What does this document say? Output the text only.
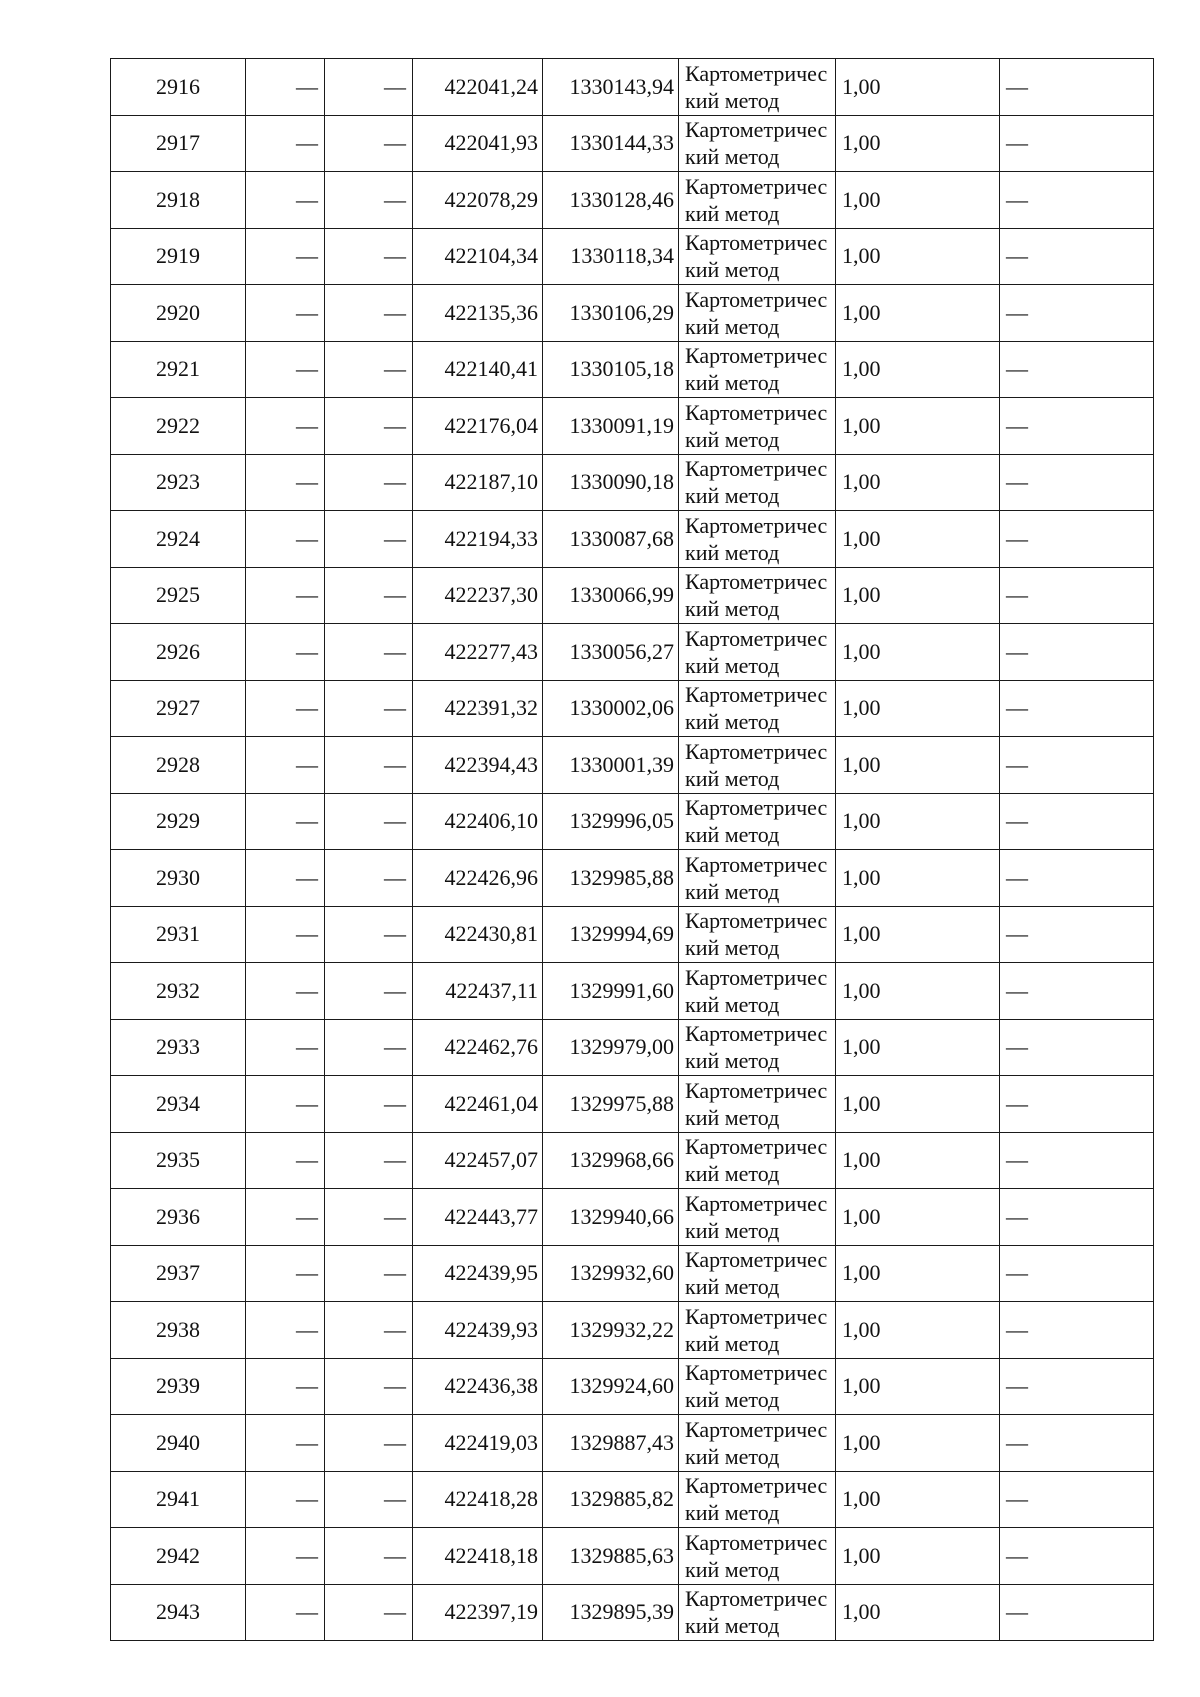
2916	—	—	422041,24	1330143,94	Картометрический метод	1,00	—
2917	—	—	422041,93	1330144,33	Картометрический метод	1,00	—
2918	—	—	422078,29	1330128,46	Картометрический метод	1,00	—
2919	—	—	422104,34	1330118,34	Картометрический метод	1,00	—
2920	—	—	422135,36	1330106,29	Картометрический метод	1,00	—
2921	—	—	422140,41	1330105,18	Картометрический метод	1,00	—
2922	—	—	422176,04	1330091,19	Картометрический метод	1,00	—
2923	—	—	422187,10	1330090,18	Картометрический метод	1,00	—
2924	—	—	422194,33	1330087,68	Картометрический метод	1,00	—
2925	—	—	422237,30	1330066,99	Картометрический метод	1,00	—
2926	—	—	422277,43	1330056,27	Картометрический метод	1,00	—
2927	—	—	422391,32	1330002,06	Картометрический метод	1,00	—
2928	—	—	422394,43	1330001,39	Картометрический метод	1,00	—
2929	—	—	422406,10	1329996,05	Картометрический метод	1,00	—
2930	—	—	422426,96	1329985,88	Картометрический метод	1,00	—
2931	—	—	422430,81	1329994,69	Картометрический метод	1,00	—
2932	—	—	422437,11	1329991,60	Картометрический метод	1,00	—
2933	—	—	422462,76	1329979,00	Картометрический метод	1,00	—
2934	—	—	422461,04	1329975,88	Картометрический метод	1,00	—
2935	—	—	422457,07	1329968,66	Картометрический метод	1,00	—
2936	—	—	422443,77	1329940,66	Картометрический метод	1,00	—
2937	—	—	422439,95	1329932,60	Картометрический метод	1,00	—
2938	—	—	422439,93	1329932,22	Картометрический метод	1,00	—
2939	—	—	422436,38	1329924,60	Картометрический метод	1,00	—
2940	—	—	422419,03	1329887,43	Картометрический метод	1,00	—
2941	—	—	422418,28	1329885,82	Картометрический метод	1,00	—
2942	—	—	422418,18	1329885,63	Картометрический метод	1,00	—
2943	—	—	422397,19	1329895,39	Картометрический метод	1,00	—
